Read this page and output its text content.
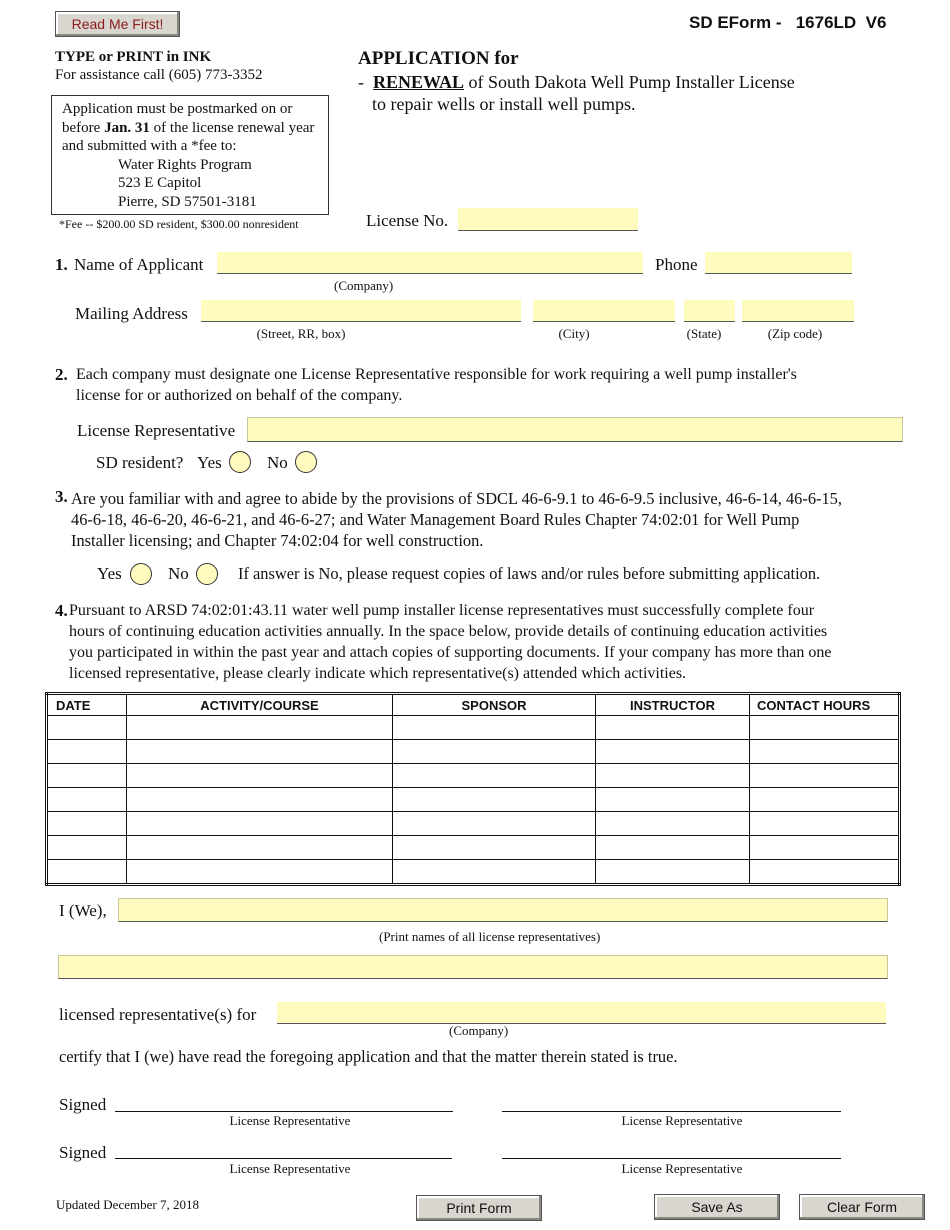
Read Me First!	SD EForm -   1676LD  V6
TYPE or PRINT in INK
For assistance call (605) 773-3352
Application must be postmarked on or
before Jan. 31 of the license renewal year
and submitted with a *fee to:
Water Rights Program
523 E Capitol
Pierre, SD 57501-3181
*Fee -- $200.00 SD resident, $300.00 nonresident
APPLICATION for
- RENEWAL of South Dakota Well Pump Installer License
to repair wells or install well pumps.
License No.
1. Name of Applicant
(Company)
Phone
Mailing Address
(Street, RR, box)	(City)	(State)	(Zip code)
2. Each company must designate one License Representative responsible for work requiring a well pump installer's
license for or authorized on behalf of the company.
License Representative
SD resident? Yes	No
3. Are you familiar with and agree to abide by the provisions of SDCL 46-6-9.1 to 46-6-9.5 inclusive, 46-6-14, 46-6-15,
46-6-18, 46-6-20, 46-6-21, and 46-6-27; and Water Management Board Rules Chapter 74:02:01 for Well Pump
Installer licensing; and Chapter 74:02:04 for well construction.
Yes	No	If answer is No, please request copies of laws and/or rules before submitting application.
4. Pursuant to ARSD 74:02:01:43.11 water well pump installer license representatives must successfully complete four
hours of continuing education activities annually. In the space below, provide details of continuing education activities
you participated in within the past year and attach copies of supporting documents. If your company has more than one
licensed representative, please clearly indicate which representative(s) attended which activities.
DATE	ACTIVITY/COURSE	SPONSOR	INSTRUCTOR	CONTACT HOURS

I (We),
(Print names of all license representatives)
licensed representative(s) for
(Company)
certify that I (we) have read the foregoing application and that the matter therein stated is true.
Signed
License Representative	License Representative
Signed
License Representative	License Representative
Updated December 7, 2018	Print Form	Save As	Clear Form
